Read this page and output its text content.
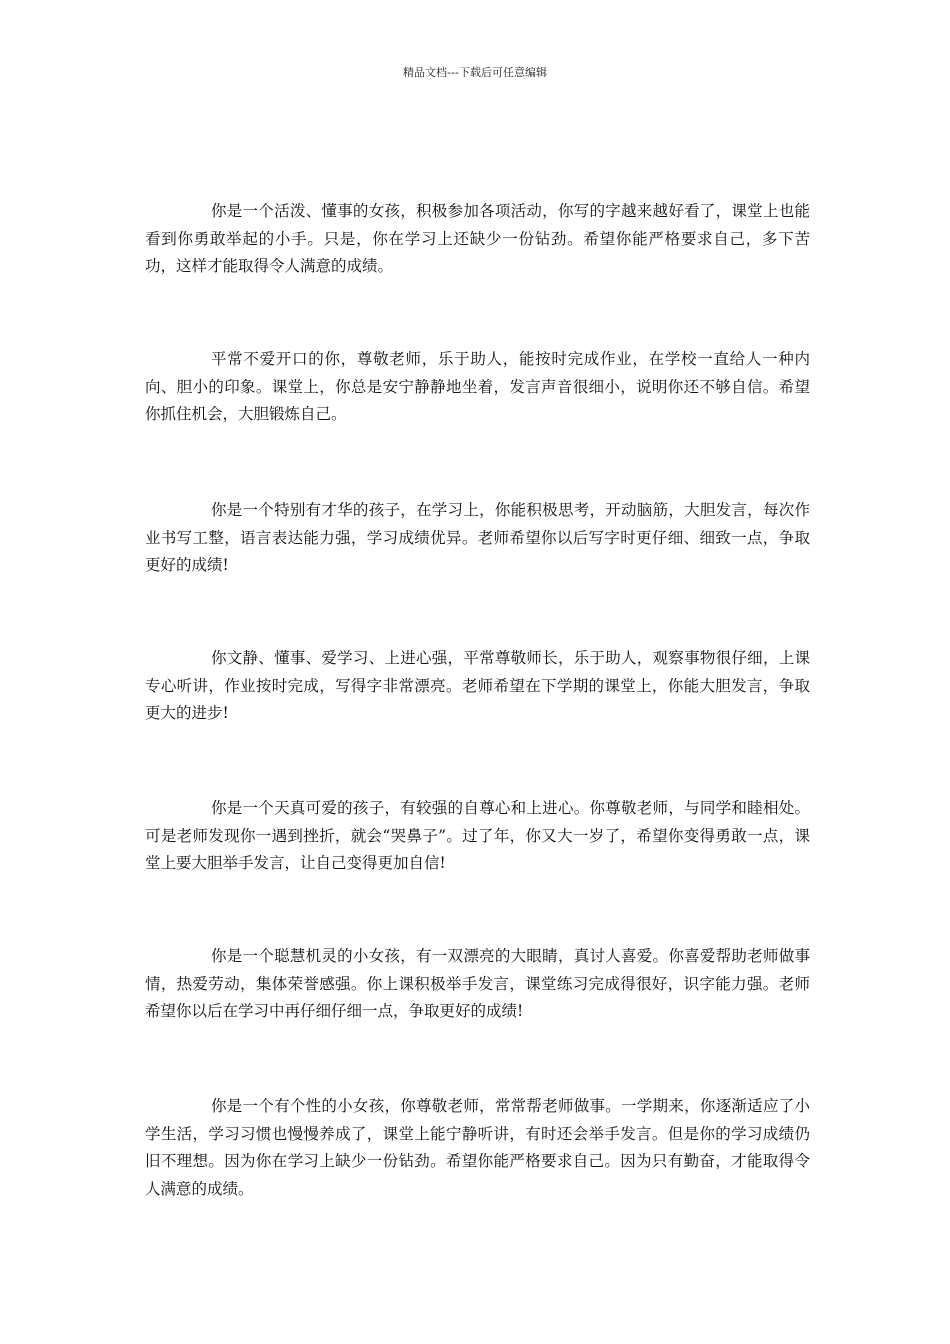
精品文档---下载后可任意编辑

你是一个活泼、懂事的女孩，积极参加各项活动，你写的字越来越好看了，课堂上也能看到你勇敢举起的小手。只是，你在学习上还缺少一份钻劲。希望你能严格要求自己，多下苦功，这样才能取得令人满意的成绩。

平常不爱开口的你，尊敬老师，乐于助人，能按时完成作业，在学校一直给人一种内向、胆小的印象。课堂上，你总是安宁静静地坐着，发言声音很细小，说明你还不够自信。希望你抓住机会，大胆锻炼自己。

你是一个特别有才华的孩子，在学习上，你能积极思考，开动脑筋，大胆发言，每次作业书写工整，语言表达能力强，学习成绩优异。老师希望你以后写字时更仔细、细致一点，争取更好的成绩!

你文静、懂事、爱学习、上进心强，平常尊敬师长，乐于助人，观察事物很仔细，上课专心听讲，作业按时完成，写得字非常漂亮。老师希望在下学期的课堂上，你能大胆发言，争取更大的进步!

你是一个天真可爱的孩子，有较强的自尊心和上进心。你尊敬老师，与同学和睦相处。可是老师发现你一遇到挫折，就会“哭鼻子”。过了年，你又大一岁了，希望你变得勇敢一点，课堂上要大胆举手发言，让自己变得更加自信!

你是一个聪慧机灵的小女孩，有一双漂亮的大眼睛，真讨人喜爱。你喜爱帮助老师做事情，热爱劳动，集体荣誉感强。你上课积极举手发言，课堂练习完成得很好，识字能力强。老师希望你以后在学习中再仔细仔细一点，争取更好的成绩!

你是一个有个性的小女孩，你尊敬老师，常常帮老师做事。一学期来，你逐渐适应了小学生活，学习习惯也慢慢养成了，课堂上能宁静听讲，有时还会举手发言。但是你的学习成绩仍旧不理想。因为你在学习上缺少一份钻劲。希望你能严格要求自己。因为只有勤奋，才能取得令人满意的成绩。
